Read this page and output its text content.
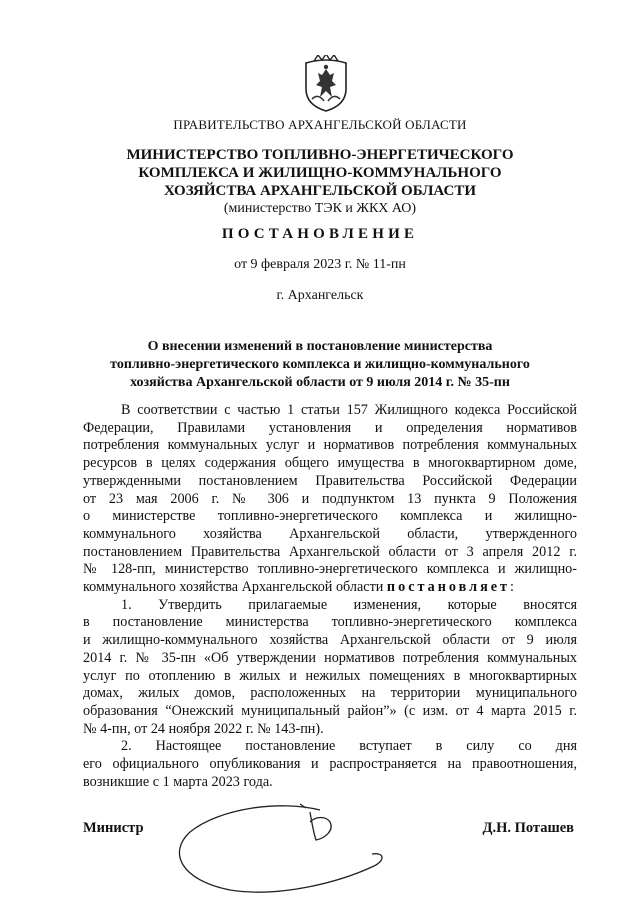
ПРАВИТЕЛЬСТВО АРХАНГЕЛЬСКОЙ ОБЛАСТИ
МИНИСТЕРСТВО ТОПЛИВНО-ЭНЕРГЕТИЧЕСКОГО
КОМПЛЕКСА И ЖИЛИЩНО-КОММУНАЛЬНОГО
ХОЗЯЙСТВА АРХАНГЕЛЬСКОЙ ОБЛАСТИ
(министерство ТЭК и ЖКХ АО)
ПОСТАНОВЛЕНИЕ
от 9 февраля 2023 г. № 11-пн
г. Архангельск
О внесении изменений в постановление министерства
топливно-энергетического комплекса и жилищно-коммунального
хозяйства Архангельской области от 9 июля 2014 г. № 35-пн
В соответствии с частью 1 статьи 157 Жилищного кодекса Российской
Федерации, Правилами установления и определения нормативов
потребления коммунальных услуг и нормативов потребления коммунальных
ресурсов в целях содержания общего имущества в многоквартирном доме,
утвержденными постановлением Правительства Российской Федерации
от 23 мая 2006 г. № 306 и подпунктом 13 пункта 9 Положения
о министерстве топливно-энергетического комплекса и жилищно-
коммунального хозяйства Архангельской области, утвержденного
постановлением Правительства Архангельской области от 3 апреля 2012 г.
№ 128-пп, министерство топливно-энергетического комплекса и жилищно-
коммунального хозяйства Архангельской области постановляет:
1. Утвердить прилагаемые изменения, которые вносятся
в постановление министерства топливно-энергетического комплекса
и жилищно-коммунального хозяйства Архангельской области от 9 июля
2014 г. № 35-пн «Об утверждении нормативов потребления коммунальных
услуг по отоплению в жилых и нежилых помещениях в многоквартирных
домах, жилых домов, расположенных на территории муниципального
образования “Онежский муниципальный район”» (с изм. от 4 марта 2015 г.
№ 4-пн, от 24 ноября 2022 г. № 143-пн).
2. Настоящее постановление вступает в силу со дня
его официального опубликования и распространяется на правоотношения,
возникшие с 1 марта 2023 года.
Министр	Д.Н. Поташев
